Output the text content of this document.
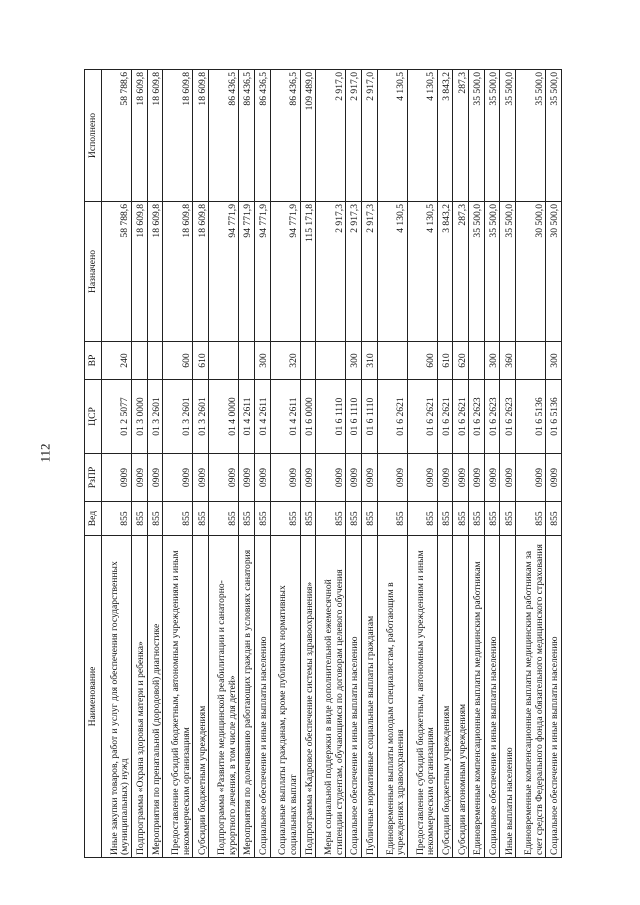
112
Наименование	Вед	РзПР	ЦСР	ВР	Назначено	Исполнено
Иные закупки товаров, работ и услуг для обеспечения государственных (муниципальных) нужд	855	0909	01 2 5077	240	58 788,6	58 788,6
Подпрограмма «Охрана здоровья матери и ребенка»	855	0909	01 3 0000		18 609,8	18 609,8
Мероприятия по пренатальной (дородовой) диагностике	855	0909	01 3 2601		18 609,8	18 609,8
Предоставление субсидий бюджетным, автономным учреждениям и иным некоммерческим организациям	855	0909	01 3 2601	600	18 609,8	18 609,8
Субсидии бюджетным учреждениям	855	0909	01 3 2601	610	18 609,8	18 609,8
Подпрограмма «Развитие медицинской реабилитации и санаторно-курортного лечения, в том числе для детей»	855	0909	01 4 0000		94 771,9	86 436,5
Мероприятия по долечиванию работающих граждан в условиях санатория	855	0909	01 4 2611		94 771,9	86 436,5
Социальное обеспечение и иные выплаты населению	855	0909	01 4 2611	300	94 771,9	86 436,5
Социальные выплаты гражданам, кроме публичных нормативных социальных выплат	855	0909	01 4 2611	320	94 771,9	86 436,5
Подпрограмма «Кадровое обеспечение системы здравоохранения»	855	0909	01 6 0000		115 171,8	109 489,0
Меры социальной поддержки в виде дополнительной ежемесячной стипендии студентам, обучающимся по договорам целевого обучения	855	0909	01 6 1110		2 917,3	2 917,0
Социальное обеспечение и иные выплаты населению	855	0909	01 6 1110	300	2 917,3	2 917,0
Публичные нормативные социальные выплаты гражданам	855	0909	01 6 1110	310	2 917,3	2 917,0
Единовременные выплаты молодым специалистам, работающим в учреждениях здравоохранения	855	0909	01 6 2621		4 130,5	4 130,5
Предоставление субсидий бюджетным, автономным учреждениям и иным некоммерческим организациям	855	0909	01 6 2621	600	4 130,5	4 130,5
Субсидии бюджетным учреждениям	855	0909	01 6 2621	610	3 843,2	3 843,2
Субсидии автономным учреждениям	855	0909	01 6 2621	620	287,3	287,3
Единовременные компенсационные выплаты медицинским работникам	855	0909	01 6 2623		35 500,0	35 500,0
Социальное обеспечение и иные выплаты населению	855	0909	01 6 2623	300	35 500,0	35 500,0
Иные выплаты населению	855	0909	01 6 2623	360	35 500,0	35 500,0
Единовременные компенсационные выплаты медицинским работникам за счет средств Федерального фонда обязательного медицинского страхования	855	0909	01 6 5136		30 500,0	35 500,0
Социальное обеспечение и иные выплаты населению	855	0909	01 6 5136	300	30 500,0	35 500,0
